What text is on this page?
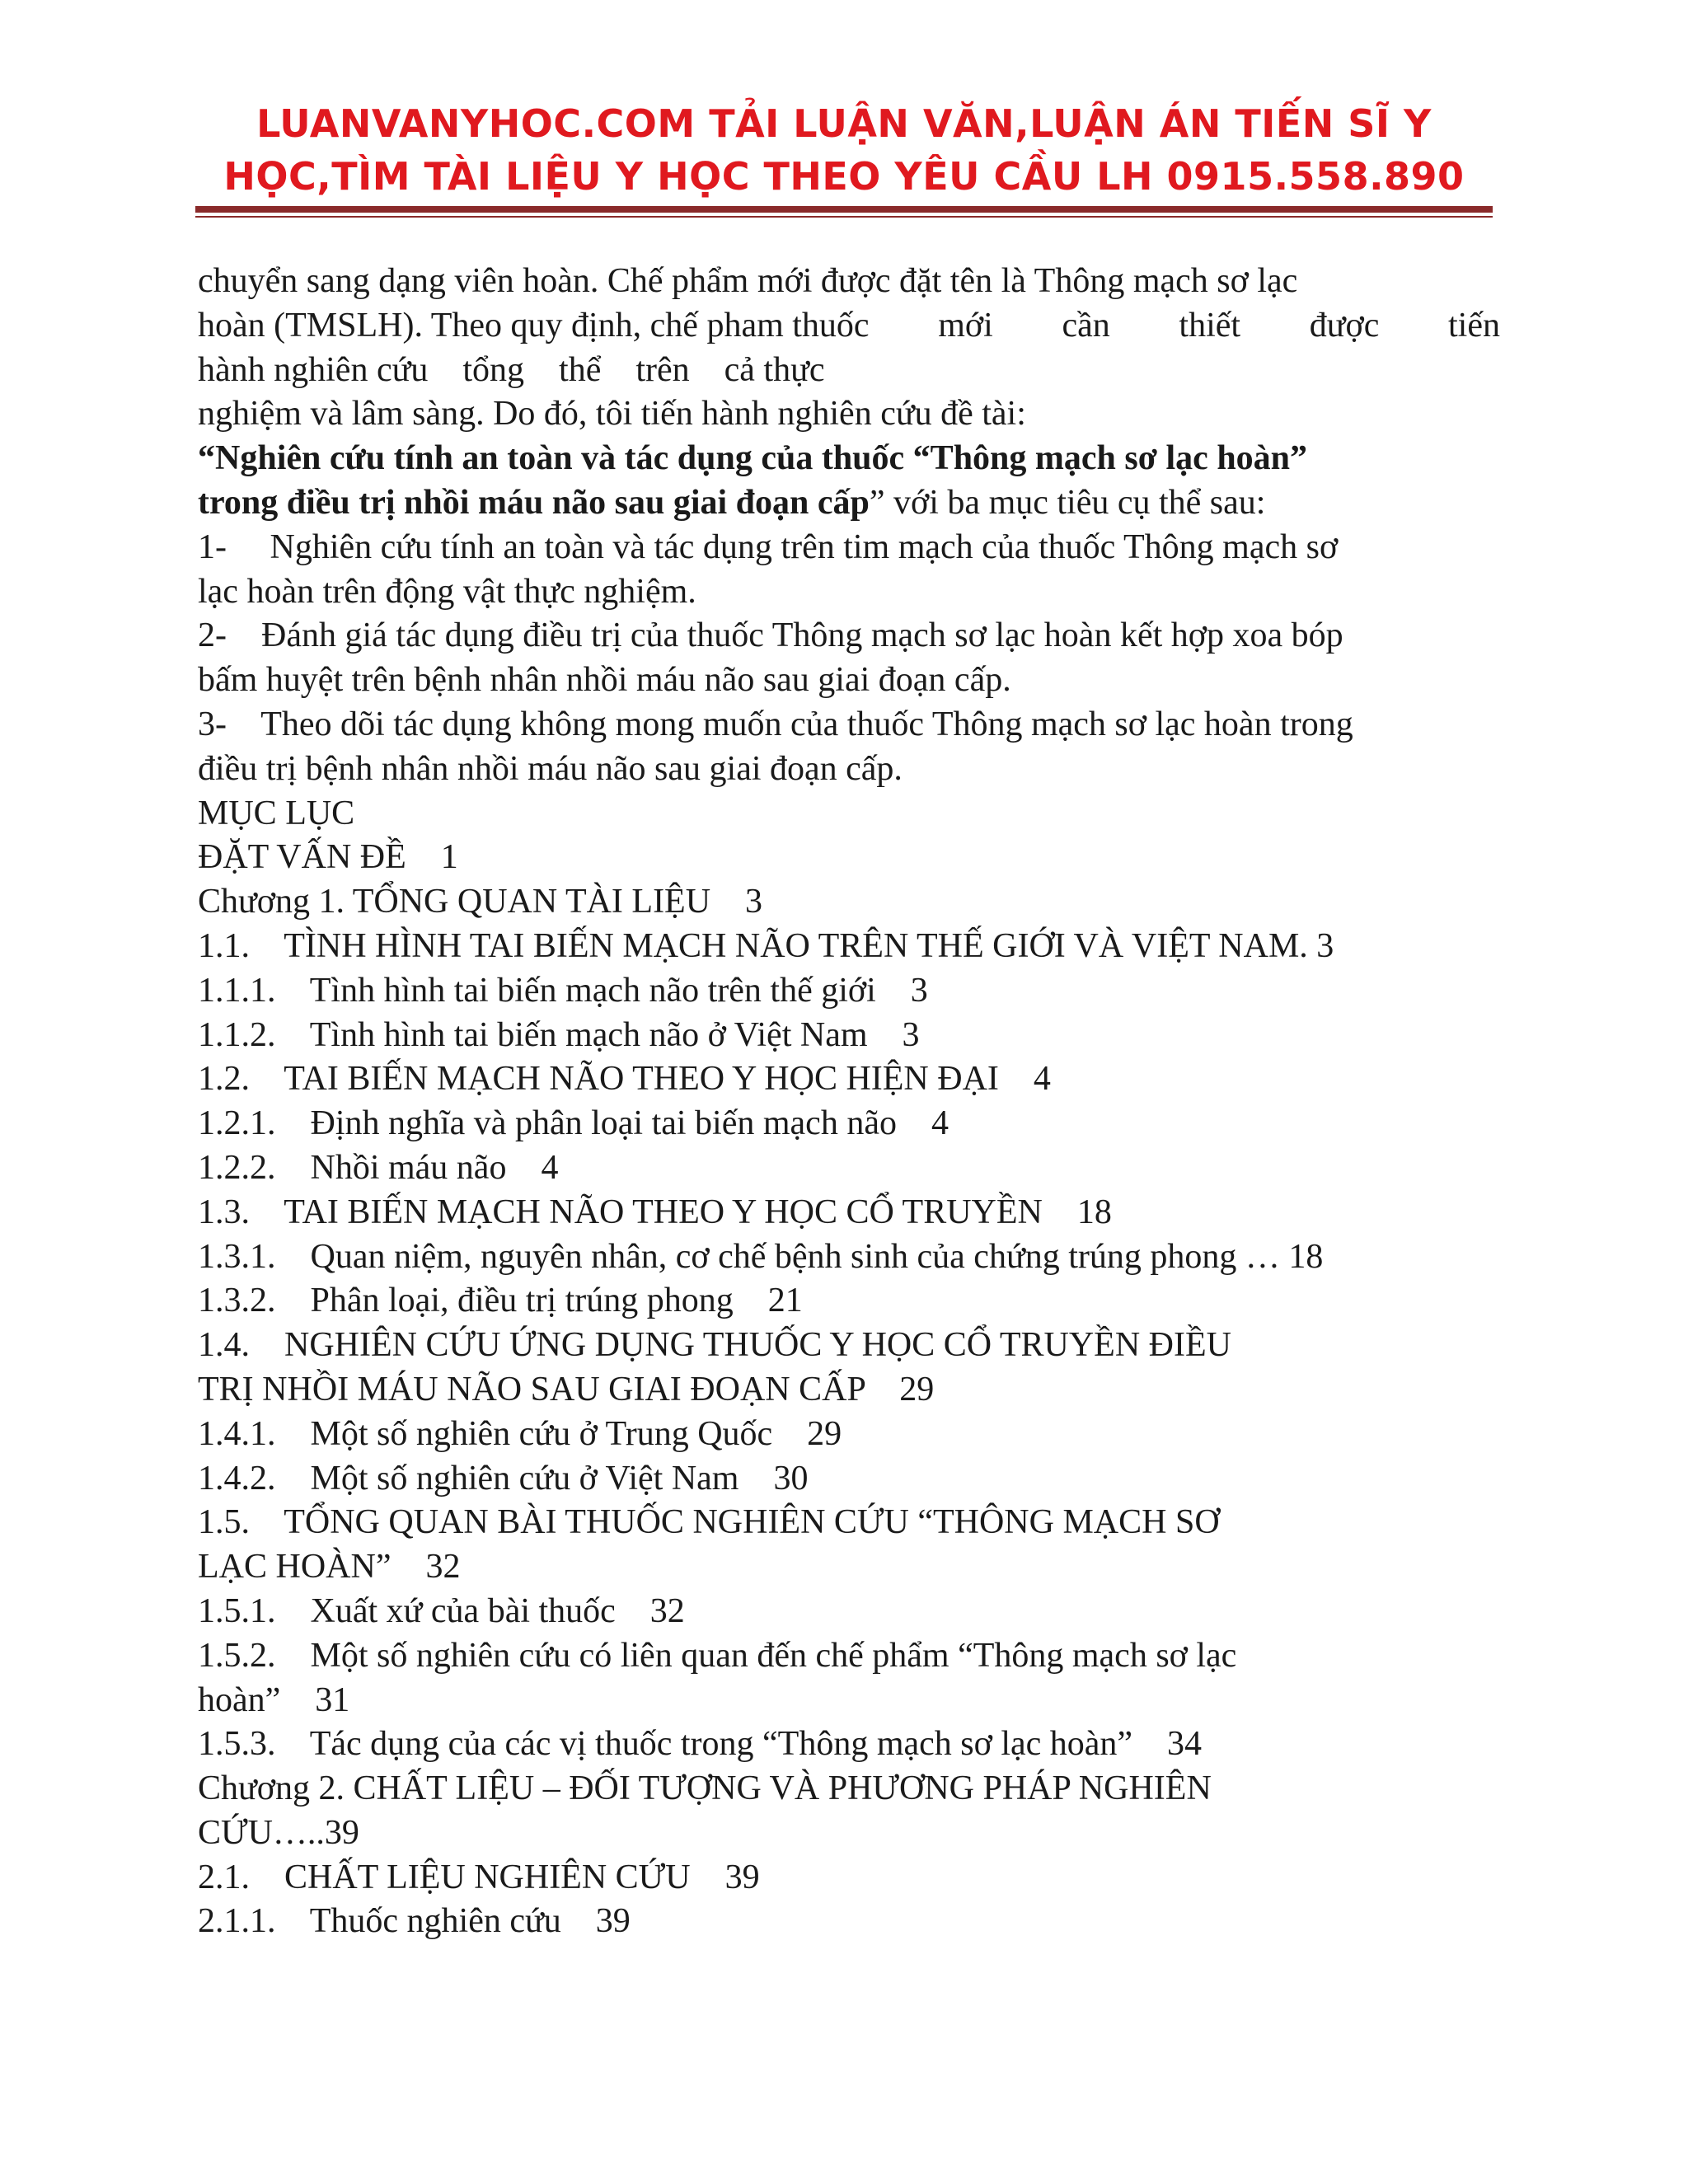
LUANVANYHOC.COM TẢI LUẬN VĂN,LUẬN ÁN TIẾN SĨ Y
HỌC,TÌM TÀI LIỆU Y HỌC THEO YÊU CẦU LH 0915.558.890
chuyển sang dạng viên hoàn. Chế phẩm mới được đặt tên là Thông mạch sơ lạc
hoàn (TMSLH). Theo quy định, chế pham thuốc mới cần thiết được tiến
hành nghiên cứu    tổng    thể    trên    cả thực
nghiệm và lâm sàng. Do đó, tôi tiến hành nghiên cứu đề tài:
“Nghiên cứu tính an toàn và tác dụng của thuốc “Thông mạch sơ lạc hoàn”
trong điều trị nhồi máu não sau giai đoạn cấp” với ba mục tiêu cụ thể sau:
1-     Nghiên cứu tính an toàn và tác dụng trên tim mạch của thuốc Thông mạch sơ
lạc hoàn trên động vật thực nghiệm.
2-    Đánh giá tác dụng điều trị của thuốc Thông mạch sơ lạc hoàn kết hợp xoa bóp
bấm huyệt trên bệnh nhân nhồi máu não sau giai đoạn cấp.
3-    Theo dõi tác dụng không mong muốn của thuốc Thông mạch sơ lạc hoàn trong
điều trị bệnh nhân nhồi máu não sau giai đoạn cấp.
MỤC LỤC
ĐẶT VẤN ĐỀ    1
Chương 1. TỔNG QUAN TÀI LIỆU    3
1.1.    TÌNH HÌNH TAI BIẾN MẠCH NÃO TRÊN THẾ GIỚI VÀ VIỆT NAM. 3
1.1.1.    Tình hình tai biến mạch não trên thế giới    3
1.1.2.    Tình hình tai biến mạch não ở Việt Nam    3
1.2.    TAI BIẾN MẠCH NÃO THEO Y HỌC HIỆN ĐẠI    4
1.2.1.    Định nghĩa và phân loại tai biến mạch não    4
1.2.2.    Nhồi máu não    4
1.3.    TAI BIẾN MẠCH NÃO THEO Y HỌC CỔ TRUYỀN    18
1.3.1.    Quan niệm, nguyên nhân, cơ chế bệnh sinh của chứng trúng phong … 18
1.3.2.    Phân loại, điều trị trúng phong    21
1.4.    NGHIÊN CỨU ỨNG DỤNG THUỐC Y HỌC CỔ TRUYỀN ĐIỀU
TRỊ NHỒI MÁU NÃO SAU GIAI ĐOẠN CẤP    29
1.4.1.    Một số nghiên cứu ở Trung Quốc    29
1.4.2.    Một số nghiên cứu ở Việt Nam    30
1.5.    TỔNG QUAN BÀI THUỐC NGHIÊN CỨU “THÔNG MẠCH SƠ
LẠC HOÀN”    32
1.5.1.    Xuất xứ của bài thuốc    32
1.5.2.    Một số nghiên cứu có liên quan đến chế phẩm “Thông mạch sơ lạc
hoàn”    31
1.5.3.    Tác dụng của các vị thuốc trong “Thông mạch sơ lạc hoàn”    34
Chương 2. CHẤT LIỆU – ĐỐI TƯỢNG VÀ PHƯƠNG PHÁP NGHIÊN
CỨU…..39
2.1.    CHẤT LIỆU NGHIÊN CỨU    39
2.1.1.    Thuốc nghiên cứu    39
